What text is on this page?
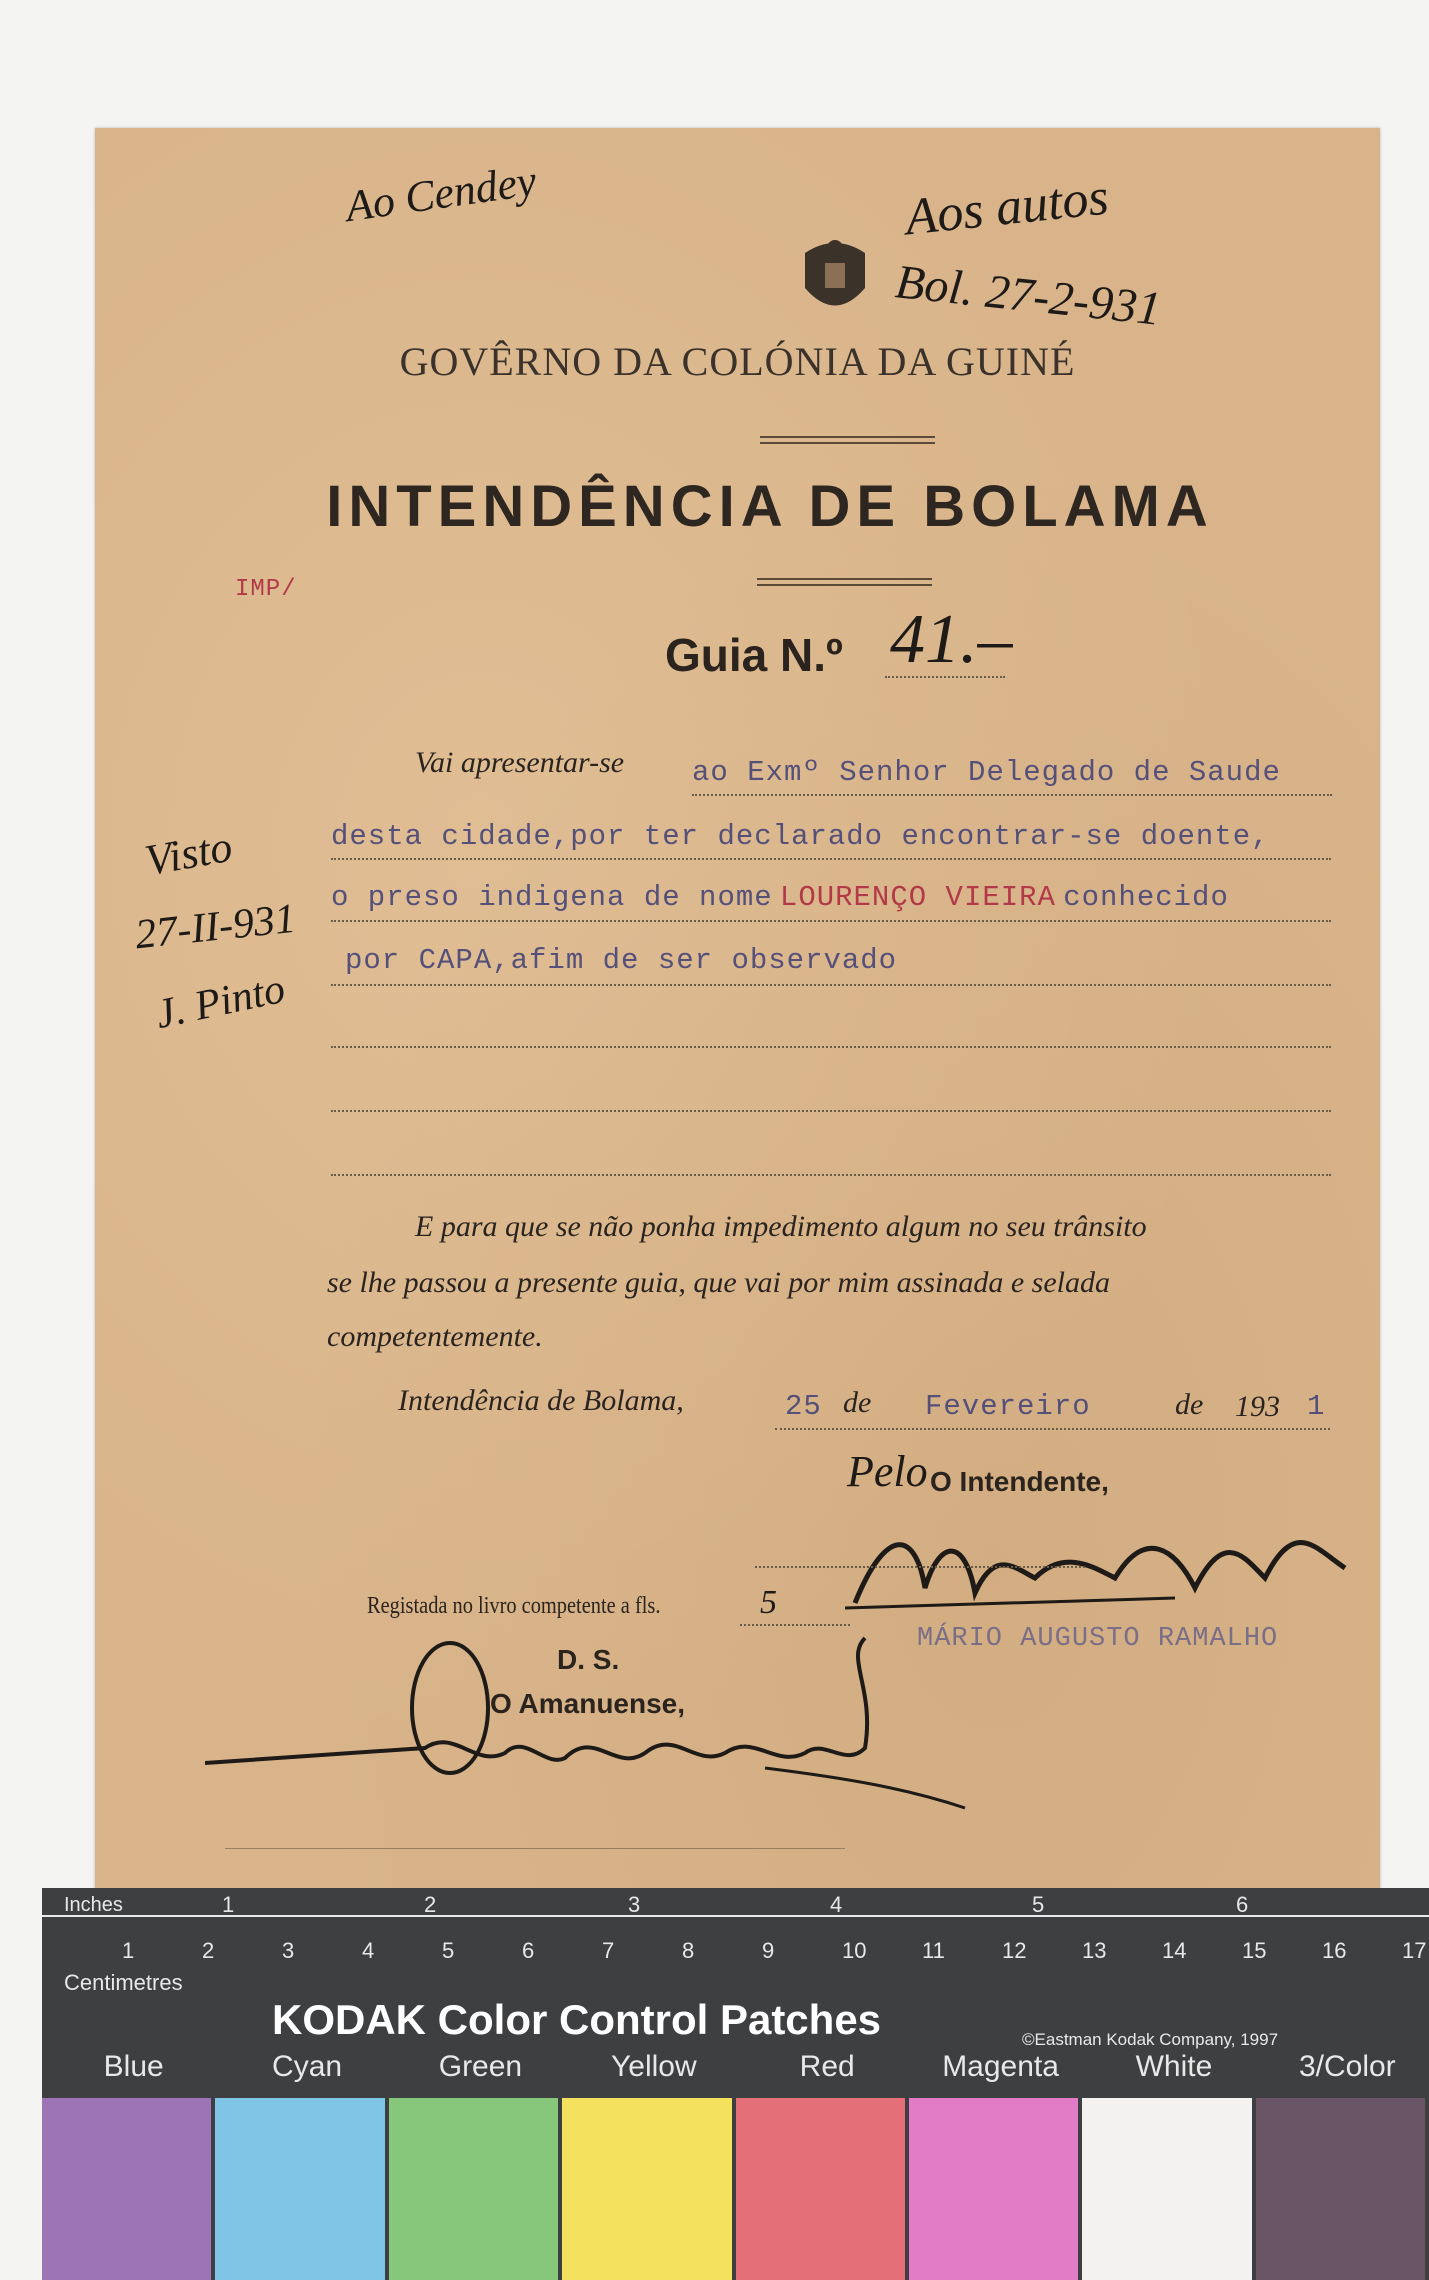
Ao Cendey	Aos autos
Bol. 27-2-931
GOVÊRNO DA COLÓNIA DA GUINÉ
INTENDÊNCIA DE BOLAMA
IMP/
Guia N.º 41.–
Visto
27-II-931
J. Pinto
Vai apresentar-se ao Exmº Senhor Delegado de Saude
desta cidade,por ter declarado encontrar-se doente,
o preso indigena de nome LOURENÇO VIEIRA conhecido
por CAPA,afim de ser observado
E para que se não ponha impedimento algum no seu trânsito
se lhe passou a presente guia, que vai por mim assinada e selada
competentemente.
Intendência de Bolama,	25 de Fevereiro	de 193 1
Pelo O Intendente,
MÁRIO AUGUSTO RAMALHO
Registada no livro competente a fls.	5
D. S.
O Amanuense,
Inches
Centimetres
1	2	3	4	5	6
1	2	3	4	5	6	7	8	9	10	11	12	13	14	15	16	17
KODAK Color Control Patches	©Eastman Kodak Company, 1997
Blue	Cyan	Green	Yellow	Red	Magenta	White	3/Color
